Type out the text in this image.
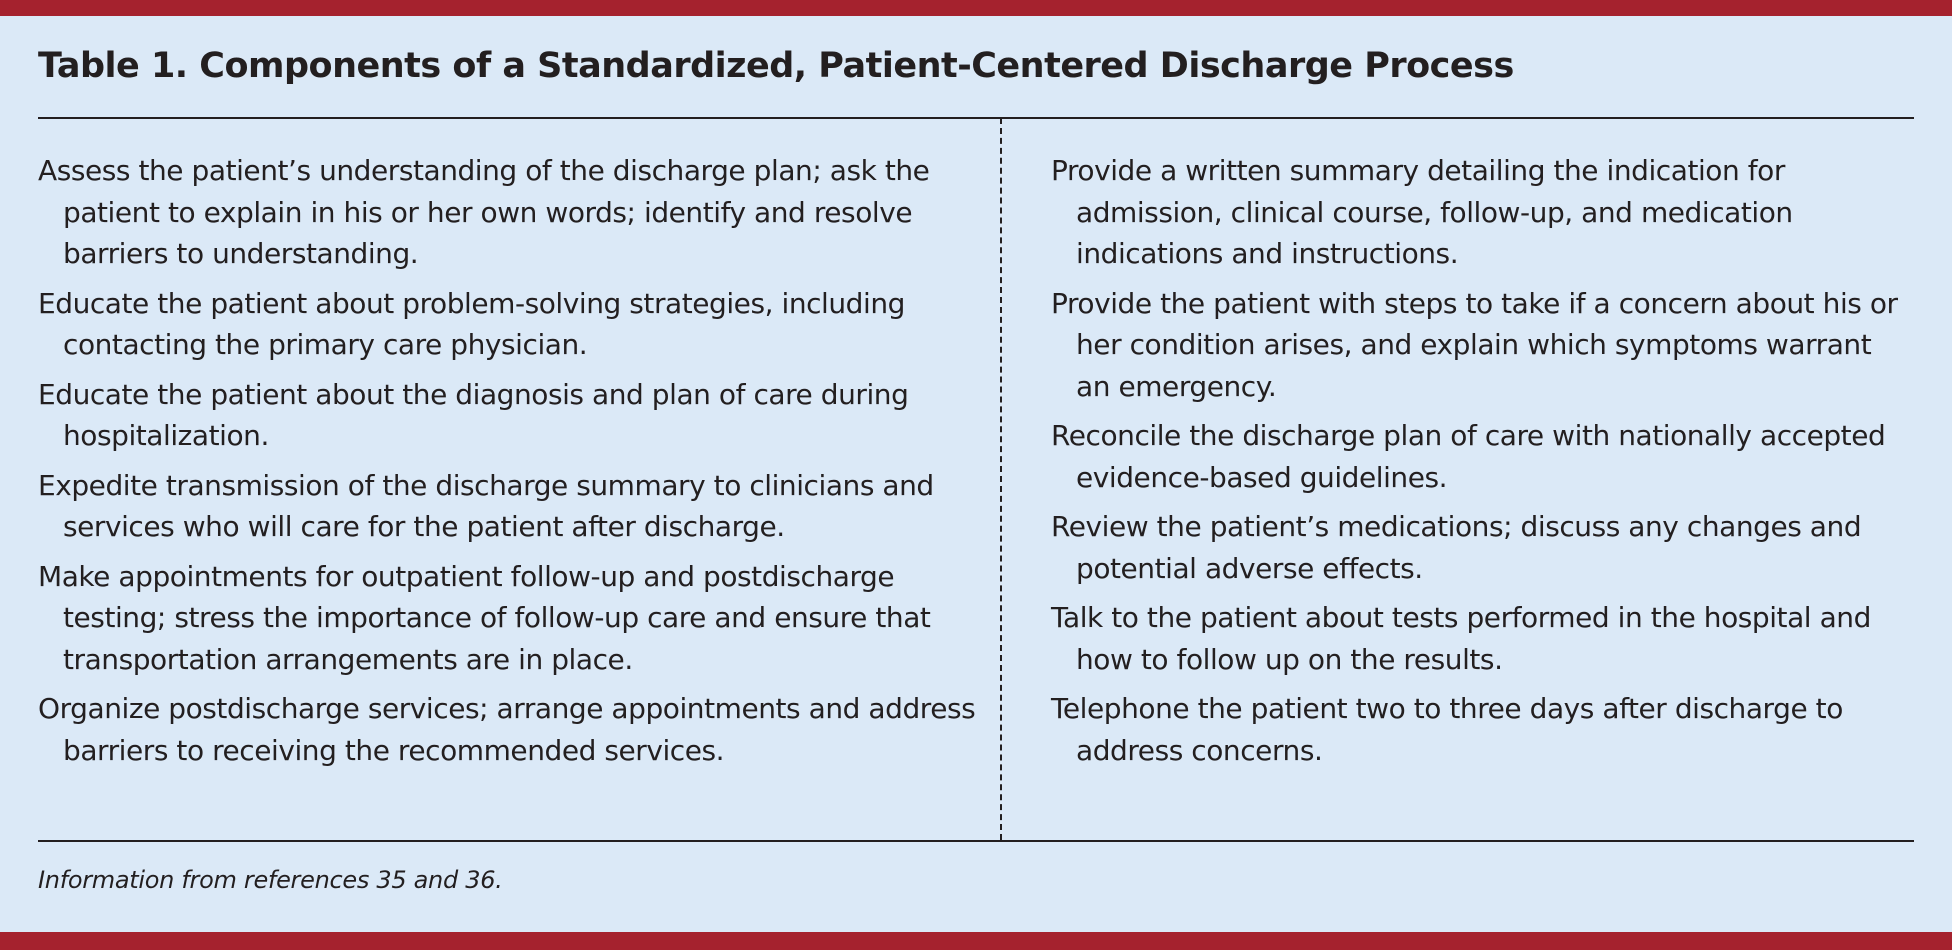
Table 1. Components of a Standardized, Patient-Centered Discharge Process
Assess the patient’s understanding of the discharge plan; ask the patient to explain in his or her own words; identify and resolve barriers to understanding.
Educate the patient about problem-solving strategies, including contacting the primary care physician.
Educate the patient about the diagnosis and plan of care during hospitalization.
Expedite transmission of the discharge summary to clinicians and services who will care for the patient after discharge.
Make appointments for outpatient follow-up and postdischarge testing; stress the importance of follow-up care and ensure that transportation arrangements are in place.
Organize postdischarge services; arrange appointments and address barriers to receiving the recommended services.
Provide a written summary detailing the indication for admission, clinical course, follow-up, and medication indications and instructions.
Provide the patient with steps to take if a concern about his or her condition arises, and explain which symptoms warrant an emergency.
Reconcile the discharge plan of care with nationally accepted evidence-based guidelines.
Review the patient’s medications; discuss any changes and potential adverse effects.
Talk to the patient about tests performed in the hospital and how to follow up on the results.
Telephone the patient two to three days after discharge to address concerns.
Information from references 35 and 36.
